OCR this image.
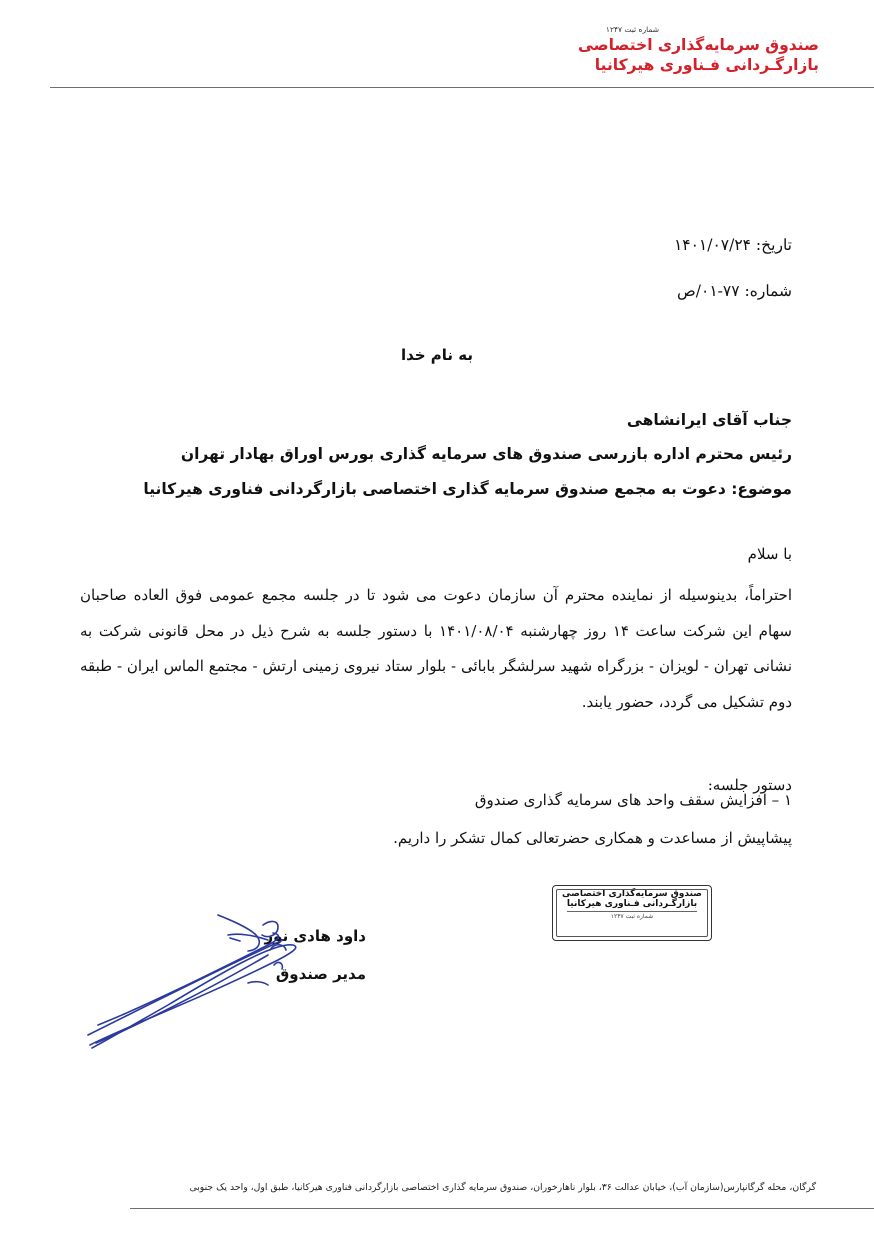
شماره ثبت ۱۲۴۷
صندوق سرمایه‌گذاری اختصاصی
بازارگـردانی فـناوری هیرکانیا
تاریخ: ۱۴۰۱/۰۷/۲۴
شماره: ۷۷-۰۱/ص
به نام خدا
جناب آقای ایرانشاهی
رئیس محترم اداره بازرسی صندوق های سرمایه گذاری بورس اوراق بهادار تهران
موضوع: دعوت به مجمع صندوق سرمایه گذاری اختصاصی بازارگردانی فناوری هیرکانیا
با سلام
احتراماً، بدینوسیله از نماینده محترم آن سازمان دعوت می شود تا در جلسه مجمع عمومی فوق العاده صاحبان سهام این شرکت ساعت ۱۴ روز چهارشنبه ۱۴۰۱/۰۸/۰۴ با دستور جلسه به شرح ذیل در محل قانونی شرکت به نشانی تهران - لویزان - بزرگراه شهید سرلشگر بابائی - بلوار ستاد نیروی زمینی ارتش - مجتمع الماس ایران - طبقه دوم تشکیل می گردد، حضور یابند.
دستور جلسه:
۱ – افزایش سقف واحد های سرمایه گذاری صندوق
پیشاپیش از مساعدت و همکاری حضرتعالی کمال تشکر را داریم.
صندوق سرمایه‌گذاری اختصاصی
بازارگـردانی فـناوری هیرکانیا
شماره ثبت ۱۲۴۷
داود هادی نور
مدیر صندوق
گرگان، محله گرگانپارس(سازمان آب)، خیابان عدالت ۳۶، بلوار ناهارخوران، صندوق سرمایه گذاری اختصاصی بازارگردانی فناوری هیرکانیا، طبق اول، واحد یک جنوبی
